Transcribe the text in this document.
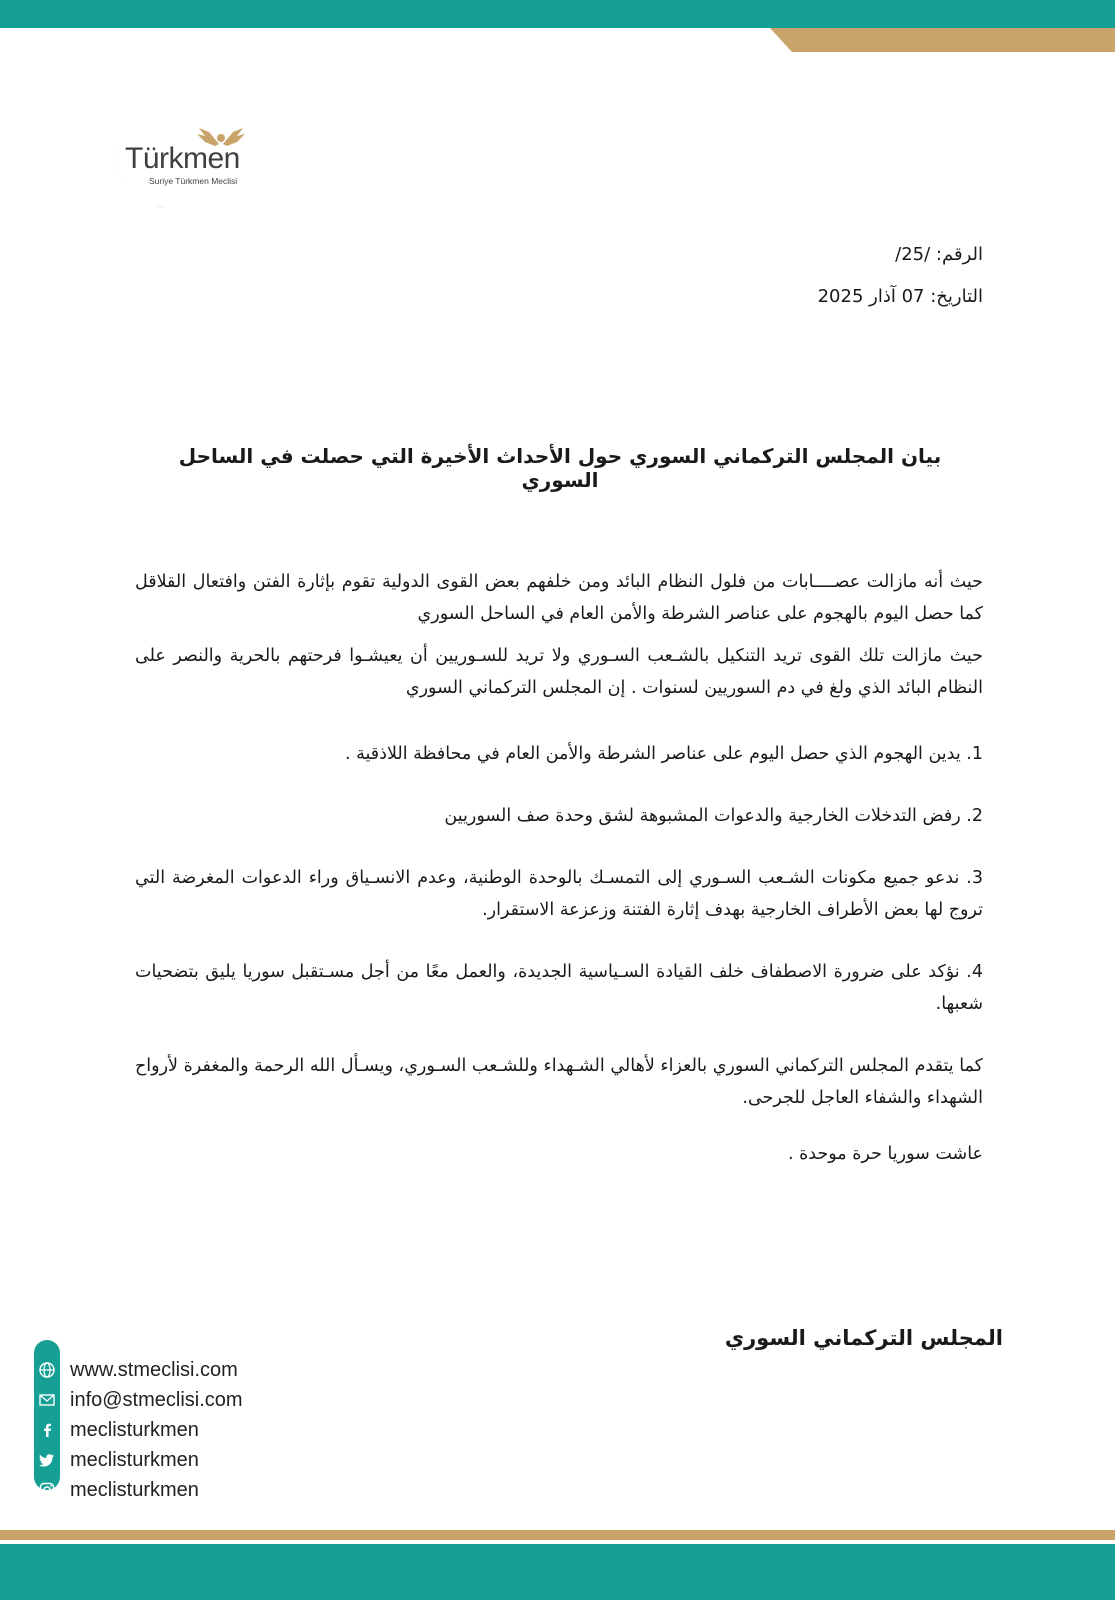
Türkmen
Suriye Türkmen Meclisi
الرقم: /25/
التاريخ: 07 آذار 2025
بيان المجلس التركماني السوري حول الأحداث الأخيرة التي حصلت في الساحل السوري

حيث أنه مازالت عصــــابات من فلول النظام البائد ومن خلفهم بعض القوى الدولية تقوم بإثارة الفتن وافتعال القلاقل كما حصل اليوم بالهجوم على عناصر الشرطة والأمن العام في الساحل السوري

حيث مازالت تلك القوى تريد التنكيل بالشـعب السـوري ولا تريد للسـوريين أن يعيشـوا فرحتهم بالحرية والنصر على النظام البائد الذي ولغ في دم السوريين لسنوات . إن المجلس التركماني السوري

1. يدين الهجوم الذي حصل اليوم على عناصر الشرطة والأمن العام في محافظة اللاذقية .

2. رفض التدخلات الخارجية والدعوات المشبوهة لشق وحدة صف السوريين

3. ندعو جميع مكونات الشـعب السـوري إلى التمسـك بالوحدة الوطنية، وعدم الانسـياق وراء الدعوات المغرضة التي تروج لها بعض الأطراف الخارجية بهدف إثارة الفتنة وزعزعة الاستقرار.

4. نؤكد على ضرورة الاصطفاف خلف القيادة السـياسية الجديدة، والعمل معًا من أجل مسـتقبل سوريا يليق بتضحيات شعبها.

كما يتقدم المجلس التركماني السوري بالعزاء لأهالي الشـهداء وللشـعب السـوري، ويسـأل الله الرحمة والمغفرة لأرواح الشهداء والشفاء العاجل للجرحى.

عاشت سوريا حرة موحدة .

المجلس التركماني السوري
www.stmeclisi.com
info@stmeclisi.com
meclisturkmen
meclisturkmen
meclisturkmen
